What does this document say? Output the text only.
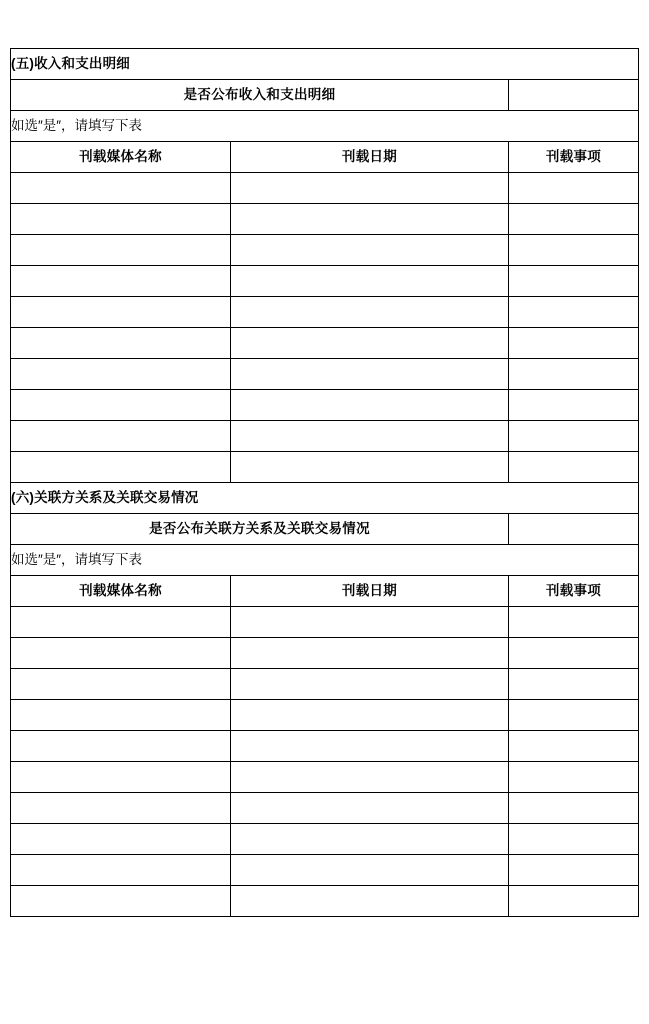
(五)收入和支出明细		
是否公布收入和支出明细		
如选″是″，请填写下表		
刊载媒体名称	刊载日期	刊载事项

(六)关联方关系及关联交易情况		
是否公布关联方关系及关联交易情况		
如选″是″，请填写下表		
刊载媒体名称	刊载日期	刊载事项
